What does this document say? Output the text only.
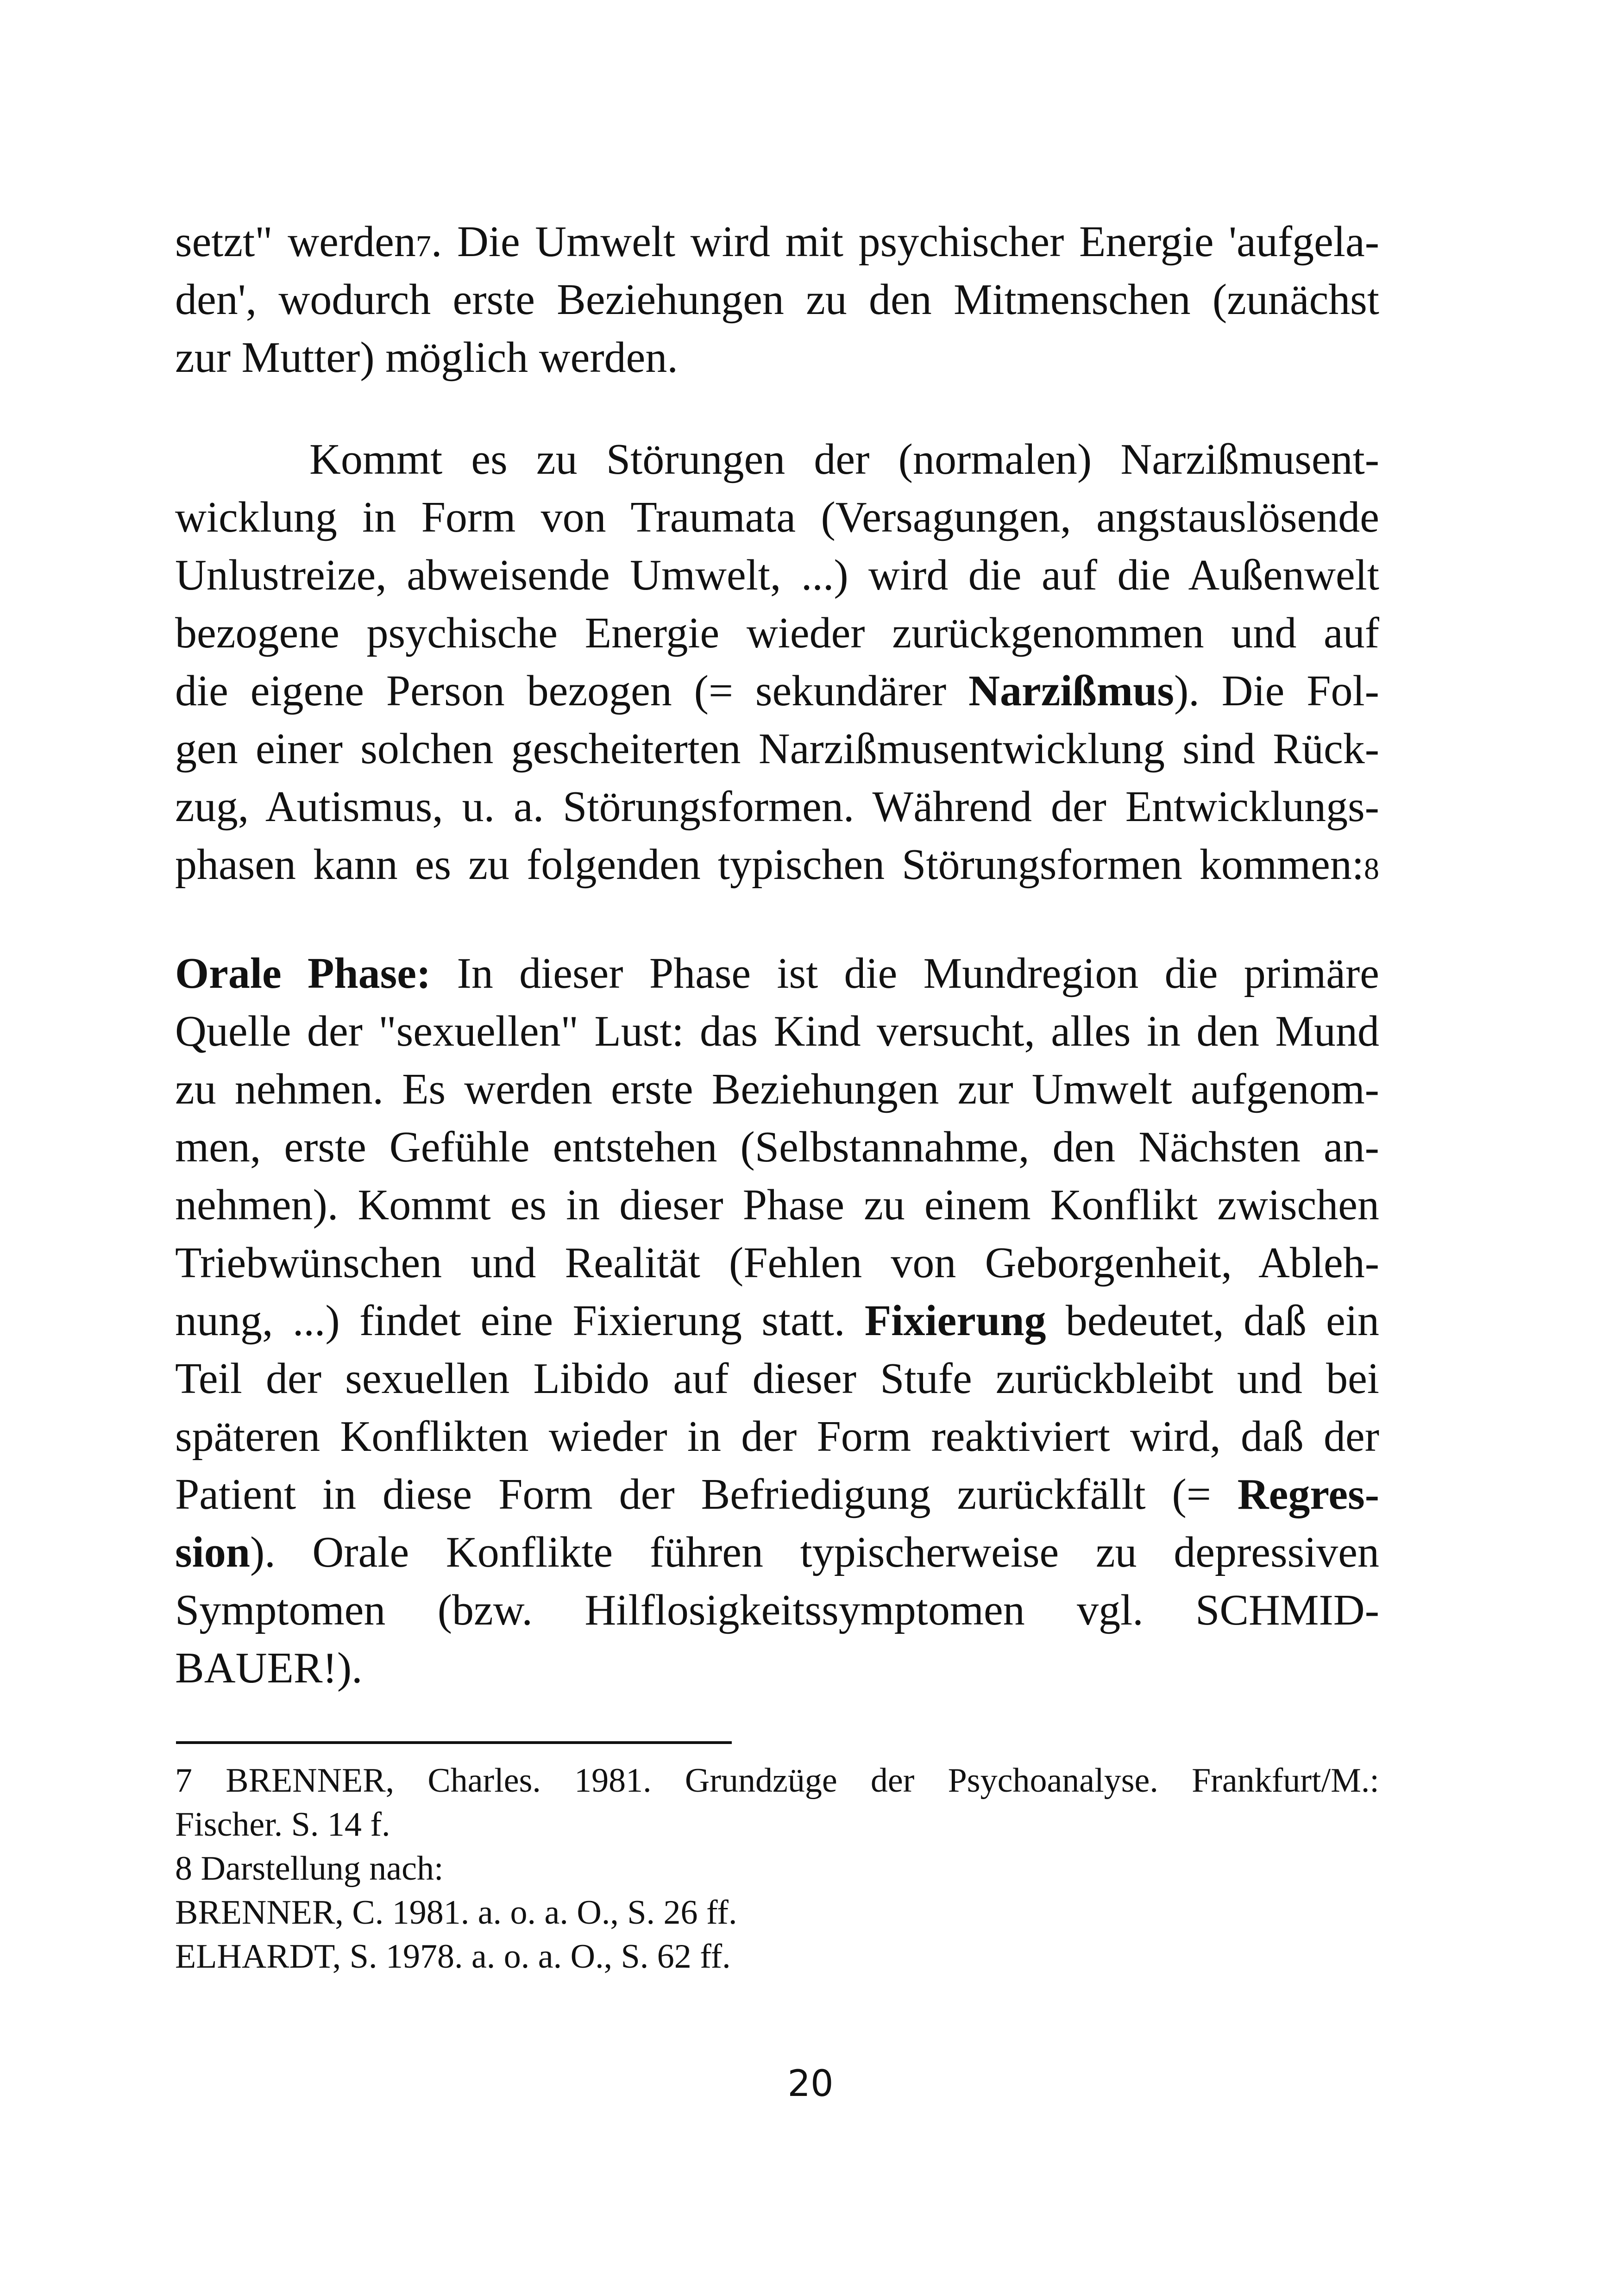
setzt" werden7. Die Umwelt wird mit psychischer Energie 'aufgela-
den', wodurch erste Beziehungen zu den Mitmenschen (zunächst
zur Mutter) möglich werden.
Kommt es zu Störungen der (normalen) Narzißmusent-
wicklung in Form von Traumata (Versagungen, angstauslösende
Unlustreize, abweisende Umwelt, ...) wird die auf die Außenwelt
bezogene psychische Energie wieder zurückgenommen und auf
die eigene Person bezogen (= sekundärer Narzißmus). Die Fol-
gen einer solchen gescheiterten Narzißmusentwicklung sind Rück-
zug, Autismus, u. a. Störungsformen. Während der Entwicklungs-
phasen kann es zu folgenden typischen Störungsformen kommen:8
Orale Phase: In dieser Phase ist die Mundregion die primäre
Quelle der "sexuellen" Lust: das Kind versucht, alles in den Mund
zu nehmen. Es werden erste Beziehungen zur Umwelt aufgenom-
men, erste Gefühle entstehen (Selbstannahme, den Nächsten an-
nehmen). Kommt es in dieser Phase zu einem Konflikt zwischen
Triebwünschen und Realität (Fehlen von Geborgenheit, Ableh-
nung, ...) findet eine Fixierung statt. Fixierung bedeutet, daß ein
Teil der sexuellen Libido auf dieser Stufe zurückbleibt und bei
späteren Konflikten wieder in der Form reaktiviert wird, daß der
Patient in diese Form der Befriedigung zurückfällt (= Regres-
sion). Orale Konflikte führen typischerweise zu depressiven
Symptomen (bzw. Hilflosigkeitssymptomen vgl. SCHMID-
BAUER!).
7 BRENNER, Charles. 1981. Grundzüge der Psychoanalyse. Frankfurt/M.:
Fischer. S. 14 f.
8 Darstellung nach:
BRENNER, C. 1981. a. o. a. O., S. 26 ff.
ELHARDT, S. 1978. a. o. a. O., S. 62 ff.
20
